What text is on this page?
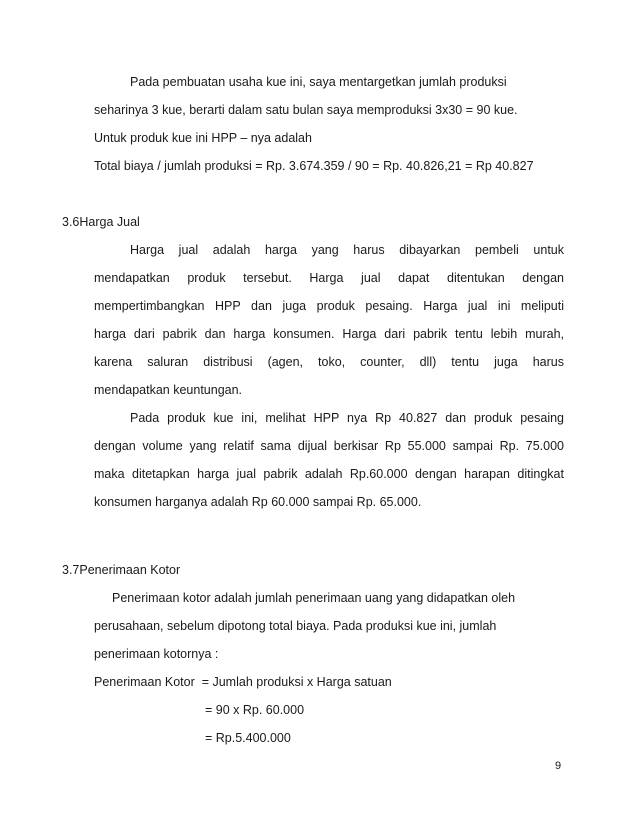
Pada pembuatan usaha kue ini, saya mentargetkan jumlah produksi
seharinya 3 kue, berarti dalam satu bulan saya memproduksi 3x30 = 90 kue.
Untuk produk kue ini HPP – nya adalah
Total biaya / jumlah produksi = Rp. 3.674.359 / 90 = Rp. 40.826,21 = Rp 40.827
3.6Harga Jual
Harga jual adalah harga yang harus dibayarkan pembeli untuk
mendapatkan produk tersebut. Harga jual dapat ditentukan dengan
mempertimbangkan HPP dan juga produk pesaing. Harga jual ini meliputi
harga dari pabrik dan harga konsumen. Harga dari pabrik tentu lebih murah,
karena saluran distribusi (agen, toko, counter, dll) tentu juga harus
mendapatkan keuntungan.
Pada produk kue ini, melihat HPP nya Rp 40.827 dan produk pesaing
dengan volume yang relatif sama dijual berkisar Rp 55.000 sampai Rp. 75.000
maka ditetapkan harga jual pabrik adalah Rp.60.000 dengan harapan ditingkat
konsumen harganya adalah Rp 60.000 sampai Rp. 65.000.
3.7Penerimaan Kotor
Penerimaan kotor adalah jumlah penerimaan uang yang didapatkan oleh
perusahaan, sebelum dipotong total biaya. Pada produksi kue ini, jumlah
penerimaan kotornya :
Penerimaan Kotor  = Jumlah produksi x Harga satuan
= 90 x Rp. 60.000
= Rp.5.400.000
9
